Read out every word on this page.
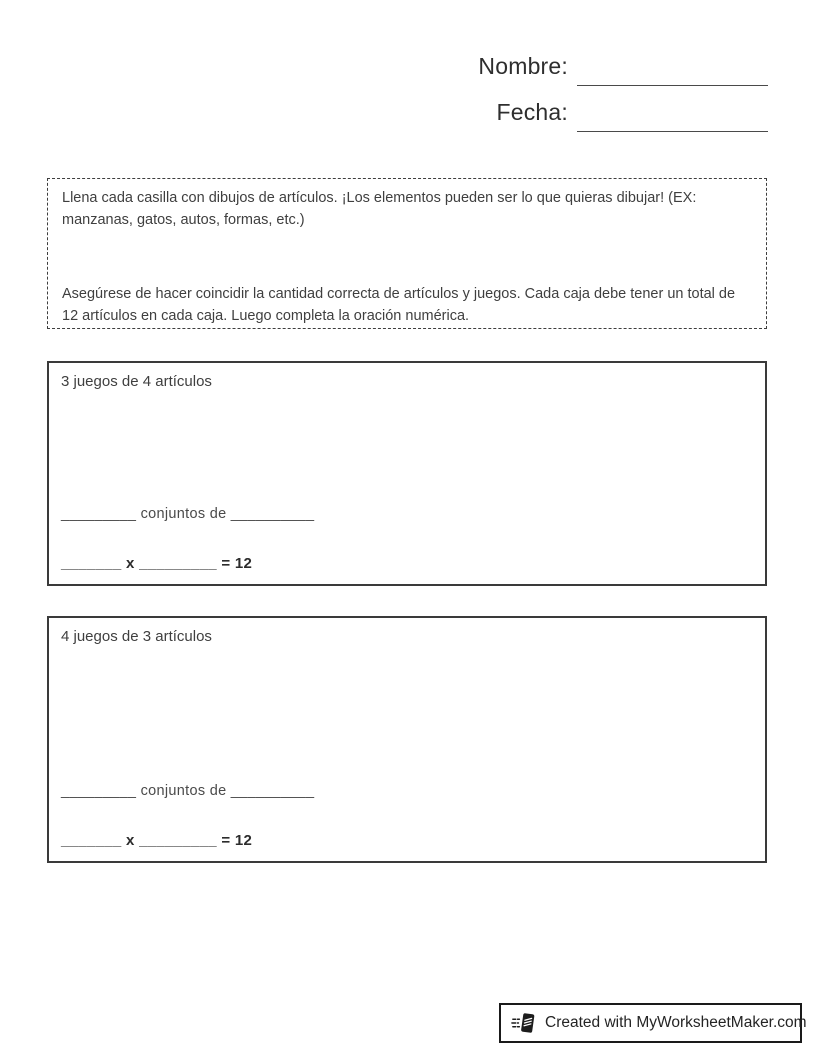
Nombre:
Fecha:

Llena cada casilla con dibujos de artículos. ¡Los elementos pueden ser lo que quieras dibujar! (EX: manzanas, gatos, autos, formas, etc.)

Asegúrese de hacer coincidir la cantidad correcta de artículos y juegos. Cada caja debe tener un total de 12 artículos en cada caja. Luego completa la oración numérica.

3 juegos de 4 artículos
_________ conjuntos de __________
_______ x _________ = 12
4 juegos de 3 artículos
_________ conjuntos de __________
_______ x _________ = 12
Created with MyWorksheetMaker.com
